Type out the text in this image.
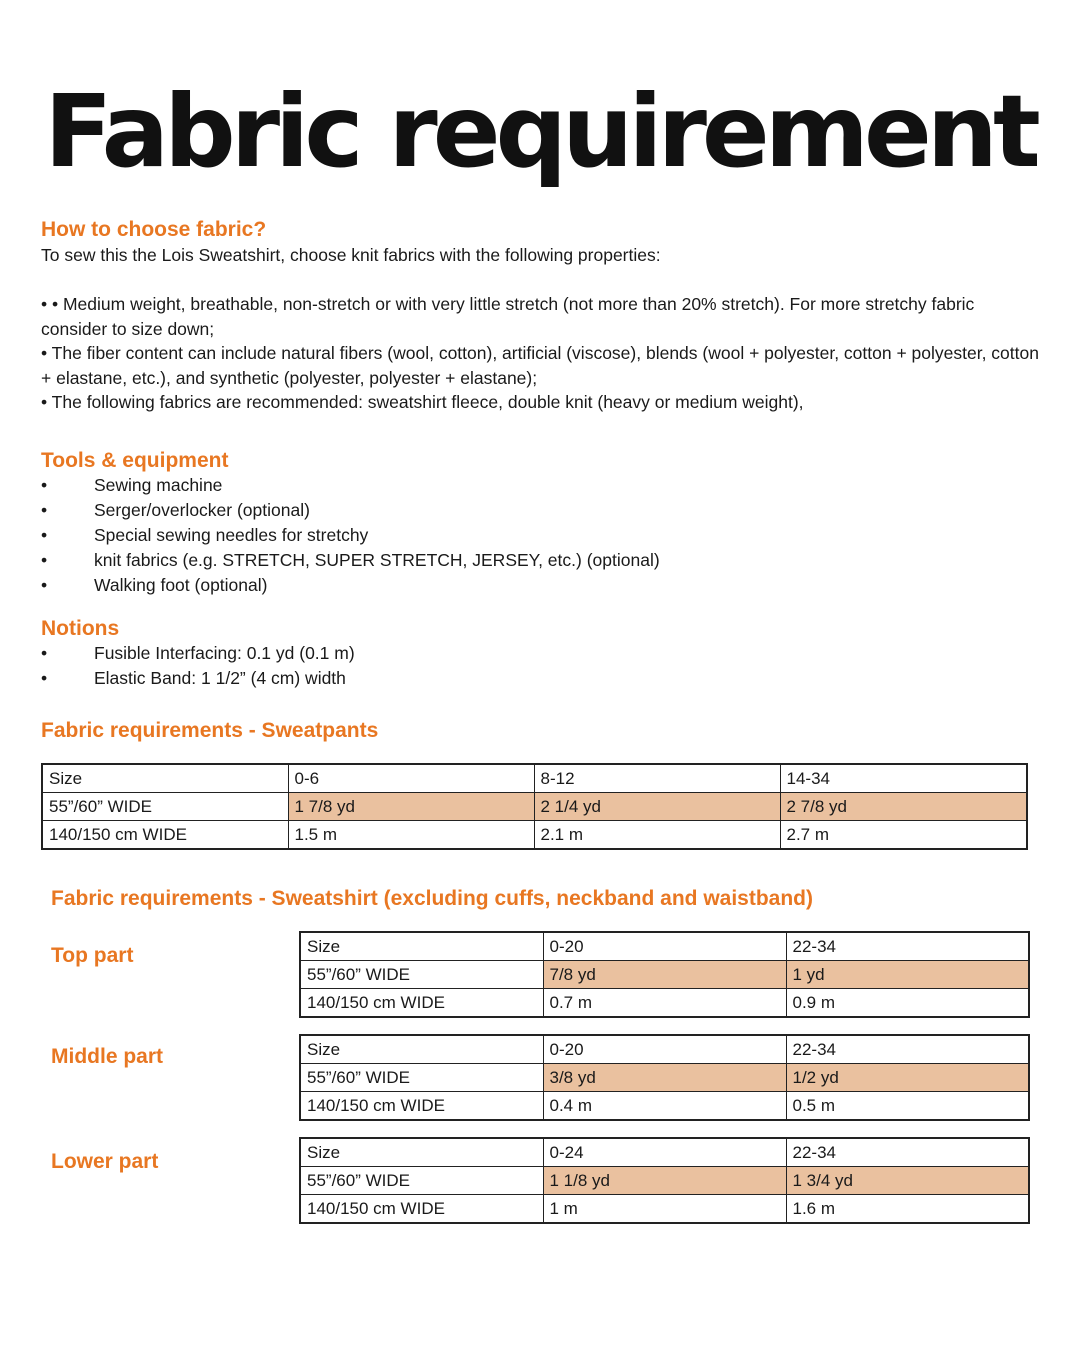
Fabric requirement
How to choose fabric?

To sew this the Lois Sweatshirt, choose knit fabrics with the following properties:

• • Medium weight, breathable, non-stretch or with very little stretch (not more than 20% stretch). For more stretchy fabric consider to size down;

• The fiber content can include natural fibers (wool, cotton), artificial (viscose), blends (wool + polyester, cotton + polyester, cotton + elastane, etc.), and synthetic (polyester, polyester + elastane);

• The following fabrics are recommended: sweatshirt fleece, double knit (heavy or medium weight),

Tools & equipment
•	Sewing machine
•	Serger/overlocker (optional)
•	Special sewing needles for stretchy
•	knit fabrics (e.g. STRETCH, SUPER STRETCH, JERSEY, etc.) (optional)
•	Walking foot (optional)
Notions
•	Fusible Interfacing: 0.1 yd (0.1 m)
•	Elastic Band: 1 1/2” (4 cm) width
Fabric requirements - Sweatpants
Size	0-6	8-12	14-34
55”/60” WIDE	1 7/8 yd	2 1/4 yd	2 7/8 yd
140/150 cm WIDE	1.5 m	2.1 m	2.7 m
Fabric requirements - Sweatshirt (excluding cuffs, neckband and waistband)
Top part	Size	0-20	22-34
55”/60” WIDE	7/8 yd	1 yd
140/150 cm WIDE	0.7 m	0.9 m
Middle part	Size	0-20	22-34
55”/60” WIDE	3/8 yd	1/2 yd
140/150 cm WIDE	0.4 m	0.5 m
Lower part	Size	0-24	22-34
55”/60” WIDE	1 1/8 yd	1 3/4 yd
140/150 cm WIDE	1 m	1.6 m
